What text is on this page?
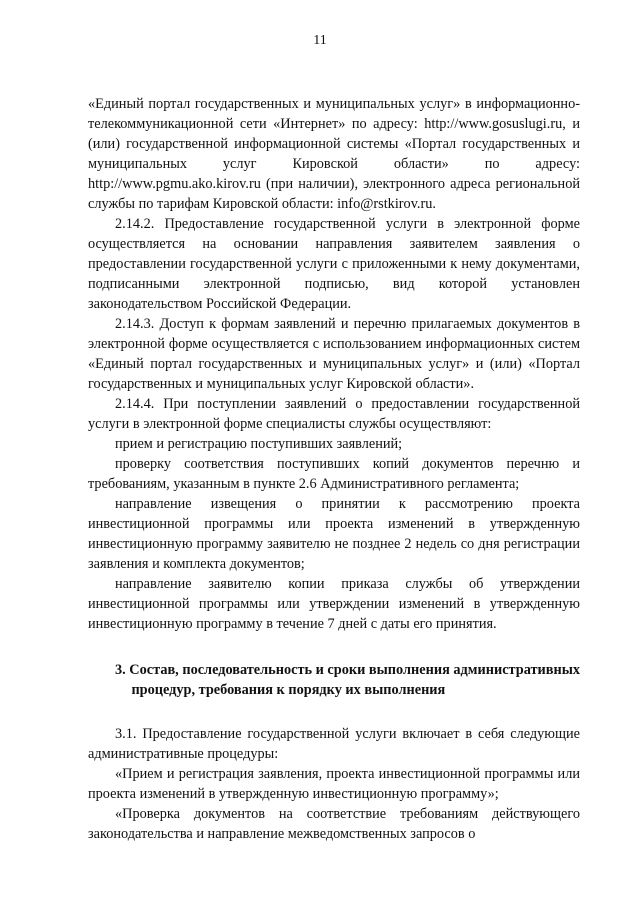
11

«Единый портал государственных и муниципальных услуг» в информационно-телекоммуникационной сети «Интернет» по адресу: http://www.gosuslugi.ru, и (или) государственной информационной системы «Портал государственных и муниципальных услуг Кировской области» по адресу: http://www.pgmu.ako.kirov.ru (при наличии), электронного адреса региональной службы по тарифам Кировской области: info@rstkirov.ru.

2.14.2. Предоставление государственной услуги в электронной форме осуществляется на основании направления заявителем заявления о предоставлении государственной услуги с приложенными к нему документами, подписанными электронной подписью, вид которой установлен законодательством Российской Федерации.

2.14.3. Доступ к формам заявлений и перечню прилагаемых документов в электронной форме осуществляется с использованием информационных систем «Единый портал государственных и муниципальных услуг» и (или) «Портал государственных и муниципальных услуг Кировской области».

2.14.4. При поступлении заявлений о предоставлении государственной услуги в электронной форме специалисты службы осуществляют:

прием и регистрацию поступивших заявлений;

проверку соответствия поступивших копий документов перечню и требованиям, указанным в пункте 2.6 Административного регламента;

направление извещения о принятии к рассмотрению проекта инвестиционной программы или проекта изменений в утвержденную инвестиционную программу заявителю не позднее 2 недель со дня регистрации заявления и комплекта документов;

направление заявителю копии приказа службы об утверждении инвестиционной программы или утверждении изменений в утвержденную инвестиционную программу в течение 7 дней с даты его принятия.

3. Состав, последовательность и сроки выполнения административных процедур, требования к порядку их выполнения

3.1. Предоставление государственной услуги включает в себя следующие административные процедуры:

«Прием и регистрация заявления, проекта инвестиционной программы или проекта изменений в утвержденную инвестиционную программу»;

«Проверка документов на соответствие требованиям действующего законодательства и направление межведомственных запросов о
